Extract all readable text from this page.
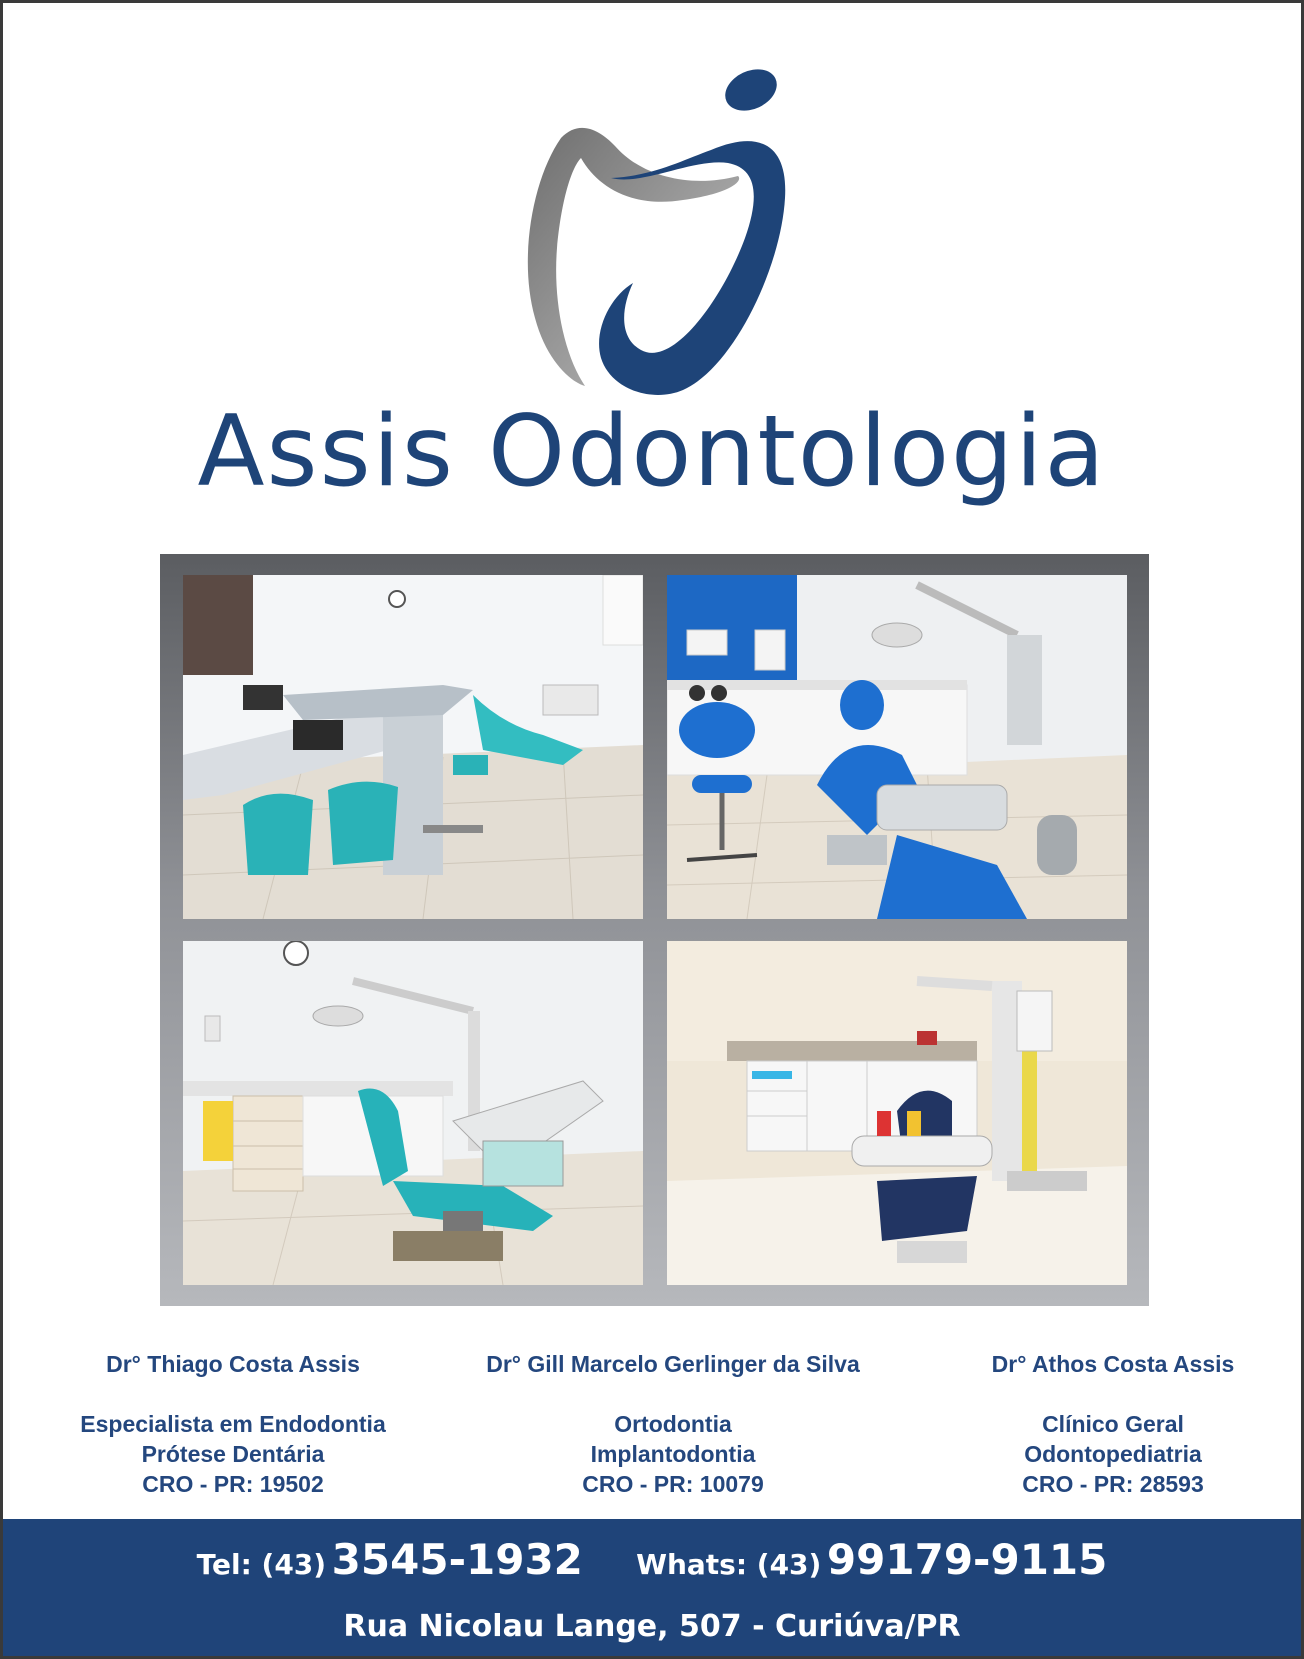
Assis Odontologia
Dr° Thiago Costa Assis
Especialista em Endodontia
Prótese Dentária
CRO - PR: 19502
Dr° Gill Marcelo Gerlinger da Silva
Ortodontia
Implantodontia
CRO - PR: 10079
Dr° Athos Costa Assis
Clínico Geral
Odontopediatria
CRO - PR: 28593
Tel: (43) 3545-1932 Whats: (43) 99179-9115
Rua Nicolau Lange, 507 - Curiúva/PR
